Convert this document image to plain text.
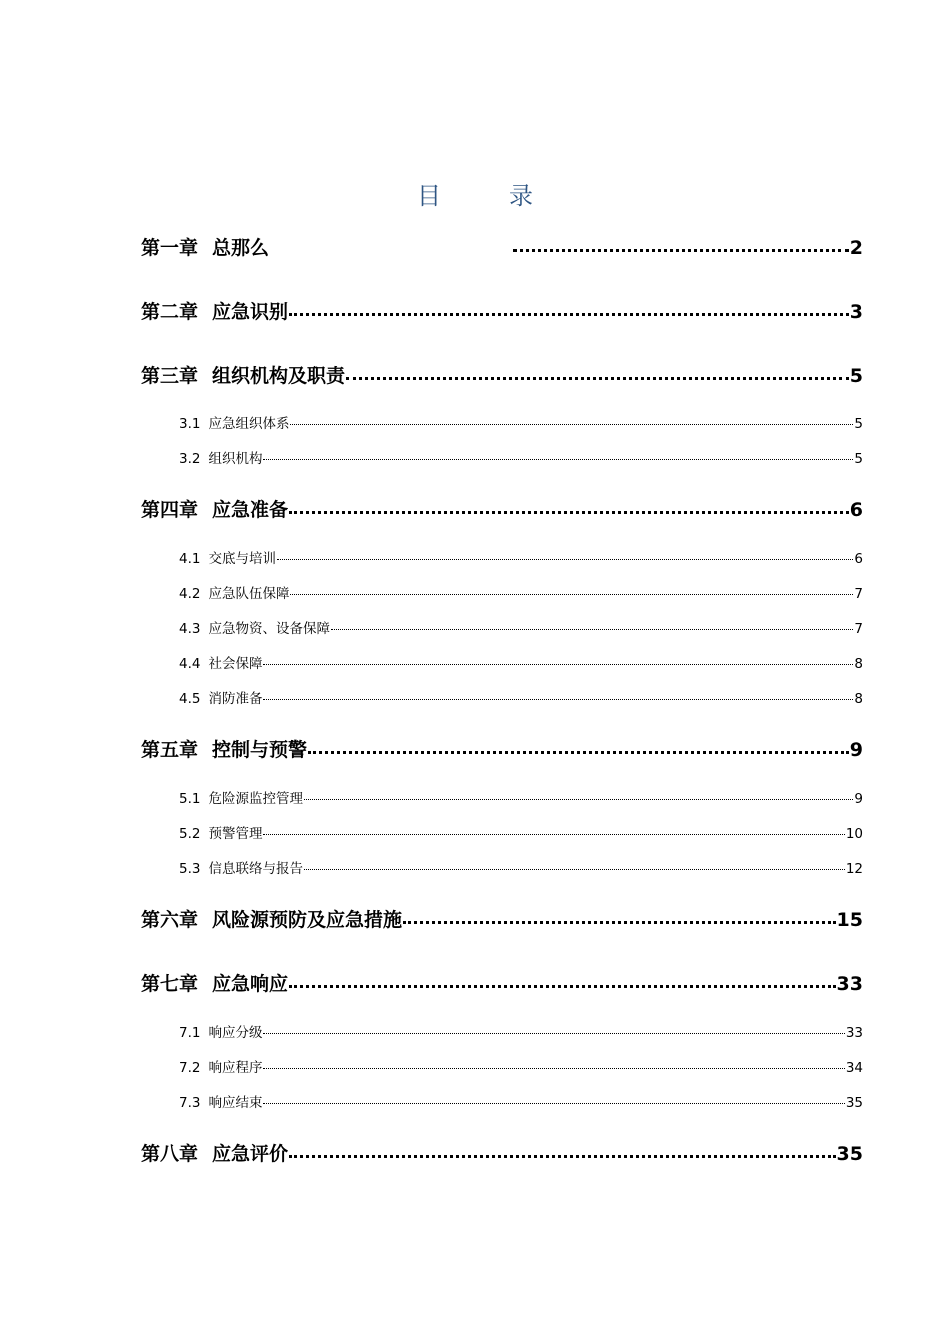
目　录
第一章 总那么	2
第二章 应急识别	3
第三章 组织机构及职责	5
3.1 应急组织体系	5
3.2 组织机构	5
第四章 应急准备	6
4.1 交底与培训	6
4.2 应急队伍保障	7
4.3 应急物资、设备保障	7
4.4 社会保障	8
4.5 消防准备	8
第五章 控制与预警	9
5.1 危险源监控管理	9
5.2 预警管理	10
5.3 信息联络与报告	12
第六章 风险源预防及应急措施	15
第七章 应急响应	33
7.1 响应分级	33
7.2 响应程序	34
7.3 响应结束	35
第八章 应急评价	35
